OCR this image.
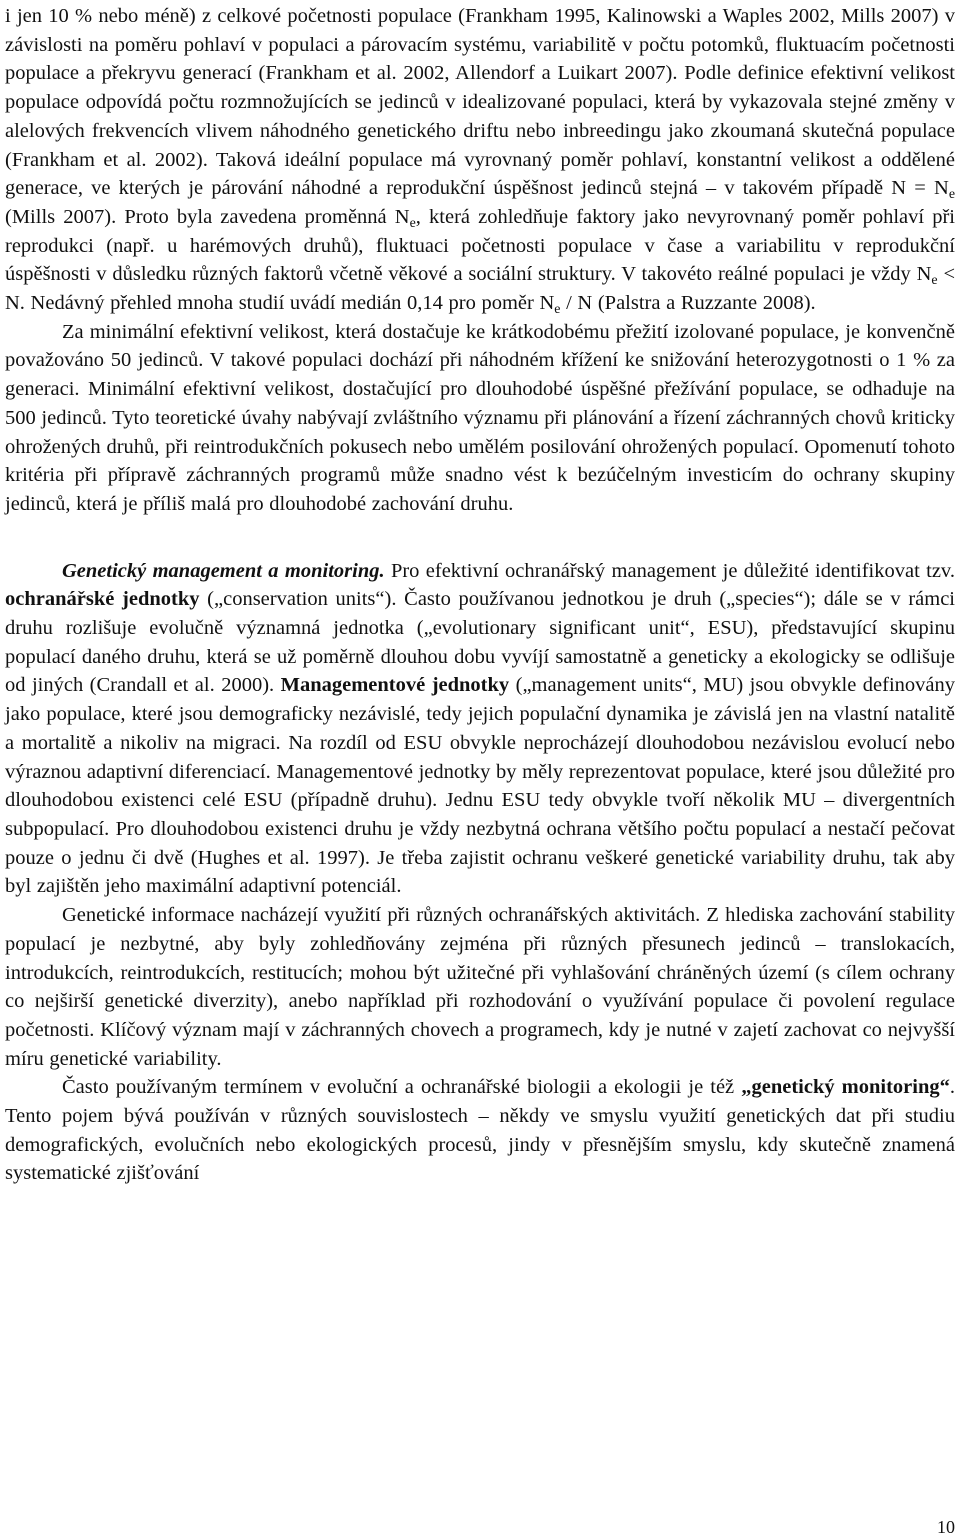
i jen 10 % nebo méně) z celkové početnosti populace (Frankham 1995, Kalinowski a Waples 2002, Mills 2007) v závislosti na poměru pohlaví v populaci a párovacím systému, variabilitě v počtu potomků, fluktuacím početnosti populace a překryvu generací (Frankham et al. 2002, Allendorf a Luikart 2007). Podle definice efektivní velikost populace odpovídá počtu rozmnožujících se jedinců v idealizované populaci, která by vykazovala stejné změny v alelových frekvencích vlivem náhodného genetického driftu nebo inbreedingu jako zkoumaná skutečná populace (Frankham et al. 2002). Taková ideální populace má vyrovnaný poměr pohlaví, konstantní velikost a oddělené generace, ve kterých je párování náhodné a reprodukční úspěšnost jedinců stejná – v takovém případě $N = N_e$ (Mills 2007). Proto byla zavedena proměnná $N_e$, která zohledňuje faktory jako nevyrovnaný poměr pohlaví při reprodukci (např. u harémových druhů), fluktuaci početnosti populace v čase a variabilitu v reprodukční úspěšnosti v důsledku různých faktorů včetně věkové a sociální struktury. V takovéto reálné populaci je vždy $N_e < N$. Nedávný přehled mnoha studií uvádí medián 0,14 pro poměr $N_e$ / N (Palstra a Ruzzante 2008).

Za minimální efektivní velikost, která dostačuje ke krátkodobému přežití izolované populace, je konvenčně považováno 50 jedinců. V takové populaci dochází při náhodném křížení ke snižování heterozygotnosti o 1 % za generaci. Minimální efektivní velikost, dostačující pro dlouhodobé úspěšné přežívání populace, se odhaduje na 500 jedinců. Tyto teoretické úvahy nabývají zvláštního významu při plánování a řízení záchranných chovů kriticky ohrožených druhů, při reintrodukčních pokusech nebo umělém posilování ohrožených populací. Opomenutí tohoto kritéria při přípravě záchranných programů může snadno vést k bezúčelným investicím do ochrany skupiny jedinců, která je příliš malá pro dlouhodobé zachování druhu.

Genetický management a monitoring. Pro efektivní ochranářský management je důležité identifikovat tzv. ochranářské jednotky („conservation units“). Často používanou jednotkou je druh („species“); dále se v rámci druhu rozlišuje evolučně významná jednotka („evolutionary significant unit“, ESU), představující skupinu populací daného druhu, která se už poměrně dlouhou dobu vyvíjí samostatně a geneticky a ekologicky se odlišuje od jiných (Crandall et al. 2000). Managementové jednotky („management units“, MU) jsou obvykle definovány jako populace, které jsou demograficky nezávislé, tedy jejich populační dynamika je závislá jen na vlastní natalitě a mortalitě a nikoliv na migraci. Na rozdíl od ESU obvykle neprocházejí dlouhodobou nezávislou evolucí nebo výraznou adaptivní diferenciací. Managementové jednotky by měly reprezentovat populace, které jsou důležité pro dlouhodobou existenci celé ESU (případně druhu). Jednu ESU tedy obvykle tvoří několik MU – divergentních subpopulací. Pro dlouhodobou existenci druhu je vždy nezbytná ochrana většího počtu populací a nestačí pečovat pouze o jednu či dvě (Hughes et al. 1997). Je třeba zajistit ochranu veškeré genetické variability druhu, tak aby byl zajištěn jeho maximální adaptivní potenciál.

Genetické informace nacházejí využití při různých ochranářských aktivitách. Z hlediska zachování stability populací je nezbytné, aby byly zohledňovány zejména při různých přesunech jedinců – translokacích, introdukcích, reintrodukcích, restitucích; mohou být užitečné při vyhlašování chráněných území (s cílem ochrany co nejširší genetické diverzity), anebo například při rozhodování o využívání populace či povolení regulace početnosti. Klíčový význam mají v záchranných chovech a programech, kdy je nutné v zajetí zachovat co nejvyšší míru genetické variability.

Často používaným termínem v evoluční a ochranářské biologii a ekologii je též „genetický monitoring“. Tento pojem bývá používán v různých souvislostech – někdy ve smyslu využití genetických dat při studiu demografických, evolučních nebo ekologických procesů, jindy v přesnějším smyslu, kdy skutečně znamená systematické zjišťování

10
